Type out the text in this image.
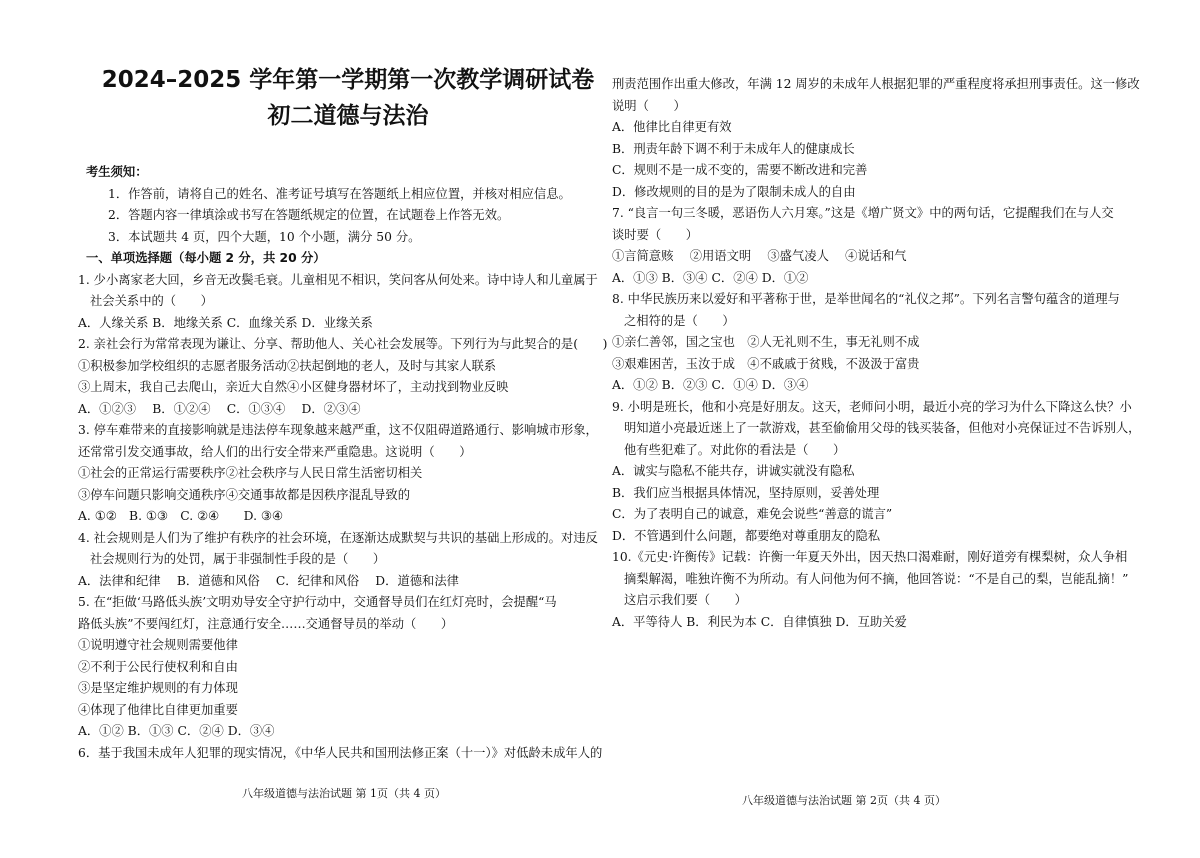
2024–2025 学年第一学期第一次教学调研试卷
初二道德与法治
考生须知：
1．作答前，请将自己的姓名、准考证号填写在答题纸上相应位置，并核对相应信息。
2．答题内容一律填涂或书写在答题纸规定的位置，在试题卷上作答无效。
3．本试题共 4 页，四个大题，10 个小题，满分 50 分。
一、单项选择题（每小题 2 分，共 20 分）
1. 少小离家老大回，乡音无改鬓毛衰。儿童相见不相识，笑问客从何处来。诗中诗人和儿童属于
社会关系中的（　　）
A．人缘关系 B．地缘关系 C．血缘关系 D．业缘关系
2. 亲社会行为常常表现为谦让、分享、帮助他人、关心社会发展等。下列行为与此契合的是(　　)
①积极参加学校组织的志愿者服务活动②扶起倒地的老人，及时与其家人联系
③上周末，我自己去爬山，亲近大自然④小区健身器材坏了，主动找到物业反映
A．①②③　 B．①②④　 C．①③④　 D．②③④
3. 停车难带来的直接影响就是违法停车现象越来越严重，这不仅阻碍道路通行、影响城市形象，
还常常引发交通事故，给人们的出行安全带来严重隐患。这说明（　　）
①社会的正常运行需要秩序②社会秩序与人民日常生活密切相关
③停车问题只影响交通秩序④交通事故都是因秩序混乱导致的
A. ①②　B. ①③　C. ②④　　D. ③④
4. 社会规则是人们为了维护有秩序的社会环境，在逐渐达成默契与共识的基础上形成的。对违反
社会规则行为的处罚，属于非强制性手段的是（　　）
A．法律和纪律　 B．道德和风俗　 C．纪律和风俗　 D．道德和法律
5. 在“拒做‘马路低头族’文明劝导安全守护行动中，交通督导员们在红灯亮时，会提醒“马
路低头族”不要闯红灯，注意通行安全……交通督导员的举动（　　）
①说明遵守社会规则需要他律
②不利于公民行使权利和自由
③是坚定维护规则的有力体现
④体现了他律比自律更加重要
A．①② B．①③ C．②④ D．③④
6．基于我国未成年人犯罪的现实情况，《中华人民共和国刑法修正案（十一）》对低龄未成年人的
八年级道德与法治试题 第 1页（共 4 页）
刑责范围作出重大修改，年满 12 周岁的未成年人根据犯罪的严重程度将承担刑事责任。这一修改
说明（　　）
A．他律比自律更有效
B．刑责年龄下调不利于未成年人的健康成长
C．规则不是一成不变的，需要不断改进和完善
D．修改规则的目的是为了限制未成人的自由
7. “良言一句三冬暖，恶语伤人六月寒。”这是《增广贤文》中的两句话，它提醒我们在与人交
谈时要（　　）
①言简意赅　 ②用语文明　 ③盛气凌人　 ④说话和气
A．①③ B．③④ C．②④ D．①②
8. 中华民族历来以爱好和平著称于世，是举世闻名的“礼仪之邦”。下列名言警句蕴含的道理与
之相符的是（　　）
①亲仁善邻，国之宝也　②人无礼则不生，事无礼则不成
③艰难困苦，玉汝于成　④不戚戚于贫贱，不汲汲于富贵
A．①② B．②③ C．①④ D．③④
9. 小明是班长，他和小亮是好朋友。这天，老师问小明，最近小亮的学习为什么下降这么快？小
明知道小亮最近迷上了一款游戏，甚至偷偷用父母的钱买装备，但他对小亮保证过不告诉别人，
他有些犯难了。对此你的看法是（　　）
A．诚实与隐私不能共存，讲诚实就没有隐私
B．我们应当根据具体情况，坚持原则，妥善处理
C．为了表明自己的诚意，难免会说些“善意的谎言”
D．不管遇到什么问题，都要绝对尊重朋友的隐私
10.《元史·许衡传》记载：许衡一年夏天外出，因天热口渴难耐，刚好道旁有棵梨树，众人争相
摘梨解渴，唯独许衡不为所动。有人问他为何不摘，他回答说：“不是自己的梨，岂能乱摘！”
这启示我们要（　　）
A．平等待人 B．利民为本 C．自律慎独 D．互助关爱
八年级道德与法治试题 第 2页（共 4 页）
